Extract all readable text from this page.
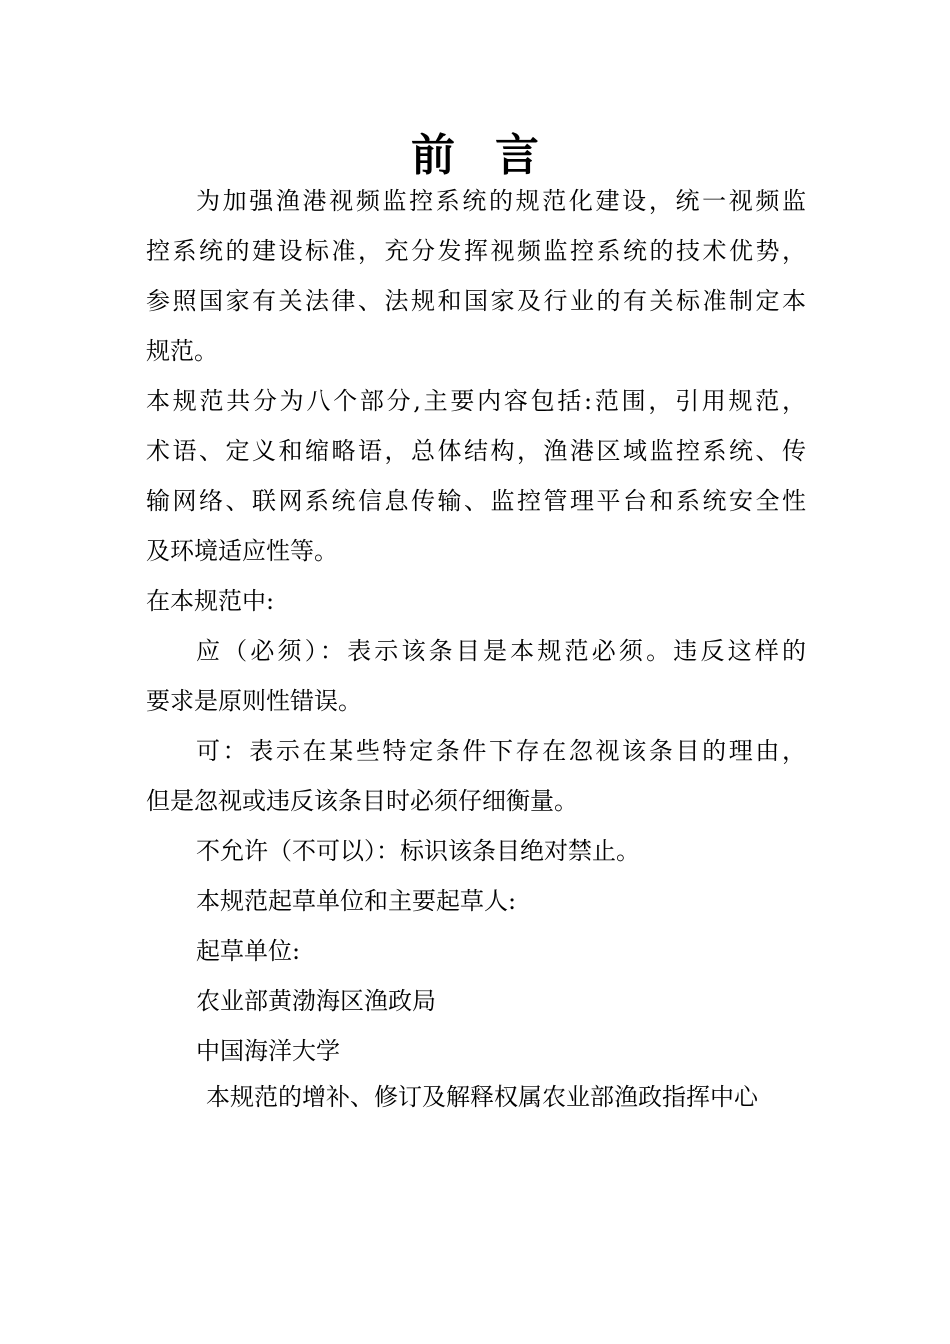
前言
为加强渔港视频监控系统的规范化建设，统一视频监
控系统的建设标准，充分发挥视频监控系统的技术优势，
参照国家有关法律、法规和国家及行业的有关标准制定本
规范。
本规范共分为八个部分,主要内容包括:范围，引用规范，
术语、定义和缩略语，总体结构，渔港区域监控系统、传
输网络、联网系统信息传输、监控管理平台和系统安全性
及环境适应性等。
在本规范中:
应（必须）：表示该条目是本规范必须。违反这样的
要求是原则性错误。
可：表示在某些特定条件下存在忽视该条目的理由，
但是忽视或违反该条目时必须仔细衡量。
不允许（不可以）：标识该条目绝对禁止。
本规范起草单位和主要起草人:
起草单位:
农业部黄渤海区渔政局
中国海洋大学
本规范的增补、修订及解释权属农业部渔政指挥中心
